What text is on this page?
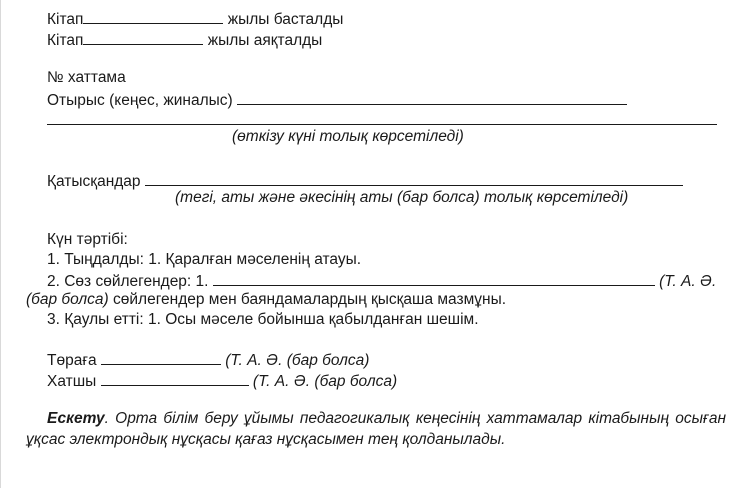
Кітап	жылы басталды
Кітап	жылы аяқталды
№ хаттама
Отырыс (кеңес, жиналыс)
(өткізу күні толық көрсетіледі)
Қатысқандар
(тегі, аты және әкесінің аты (бар болса) толық көрсетіледі)
Күн тәртібі:
1. Тыңдалды: 1. Қаралған мәселенің атауы.
2. Сөз сөйлегендер: 1.	(Т. А. Ә.
(бар болса) сөйлегендер мен баяндамалардың қысқаша мазмұны.
3. Қаулы етті: 1. Осы мәселе бойынша қабылданған шешім.
Төраға	(Т. А. Ә. (бар болса)
Хатшы	(Т. А. Ә. (бар болса)
Ескету. Орта білім беру ұйымы педагогикалық кеңесінің хаттамалар кітабының осыған ұқсас электрондық нұсқасы қағаз нұсқасымен тең қолданылады.
